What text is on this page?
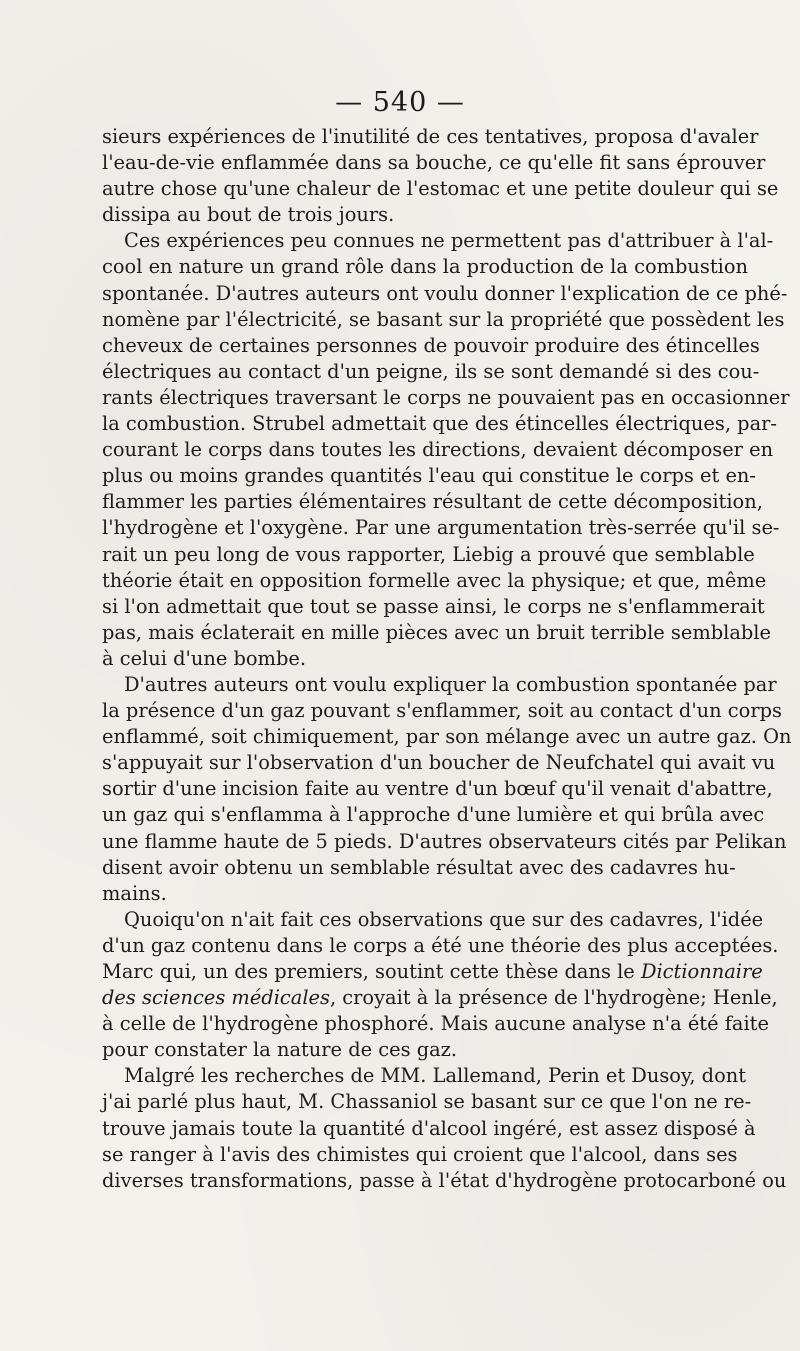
— 540 —
sieurs expériences de l'inutilité de ces tentatives, proposa d'avaler
l'eau-de-vie enflammée dans sa bouche, ce qu'elle fit sans éprouver
autre chose qu'une chaleur de l'estomac et une petite douleur qui se
dissipa au bout de trois jours.
Ces expériences peu connues ne permettent pas d'attribuer à l'al-
cool en nature un grand rôle dans la production de la combustion
spontanée. D'autres auteurs ont voulu donner l'explication de ce phé-
nomène par l'électricité, se basant sur la propriété que possèdent les
cheveux de certaines personnes de pouvoir produire des étincelles
électriques au contact d'un peigne, ils se sont demandé si des cou-
rants électriques traversant le corps ne pouvaient pas en occasionner
la combustion. Strubel admettait que des étincelles électriques, par-
courant le corps dans toutes les directions, devaient décomposer en
plus ou moins grandes quantités l'eau qui constitue le corps et en-
flammer les parties élémentaires résultant de cette décomposition,
l'hydrogène et l'oxygène. Par une argumentation très-serrée qu'il se-
rait un peu long de vous rapporter, Liebig a prouvé que semblable
théorie était en opposition formelle avec la physique; et que, même
si l'on admettait que tout se passe ainsi, le corps ne s'enflammerait
pas, mais éclaterait en mille pièces avec un bruit terrible semblable
à celui d'une bombe.
D'autres auteurs ont voulu expliquer la combustion spontanée par
la présence d'un gaz pouvant s'enflammer, soit au contact d'un corps
enflammé, soit chimiquement, par son mélange avec un autre gaz. On
s'appuyait sur l'observation d'un boucher de Neufchatel qui avait vu
sortir d'une incision faite au ventre d'un bœuf qu'il venait d'abattre,
un gaz qui s'enflamma à l'approche d'une lumière et qui brûla avec
une flamme haute de 5 pieds. D'autres observateurs cités par Pelikan
disent avoir obtenu un semblable résultat avec des cadavres hu-
mains.
Quoiqu'on n'ait fait ces observations que sur des cadavres, l'idée
d'un gaz contenu dans le corps a été une théorie des plus acceptées.
Marc qui, un des premiers, soutint cette thèse dans le Dictionnaire
des sciences médicales, croyait à la présence de l'hydrogène; Henle,
à celle de l'hydrogène phosphoré. Mais aucune analyse n'a été faite
pour constater la nature de ces gaz.
Malgré les recherches de MM. Lallemand, Perin et Dusoy, dont
j'ai parlé plus haut, M. Chassaniol se basant sur ce que l'on ne re-
trouve jamais toute la quantité d'alcool ingéré, est assez disposé à
se ranger à l'avis des chimistes qui croient que l'alcool, dans ses
diverses transformations, passe à l'état d'hydrogène protocarboné ou
